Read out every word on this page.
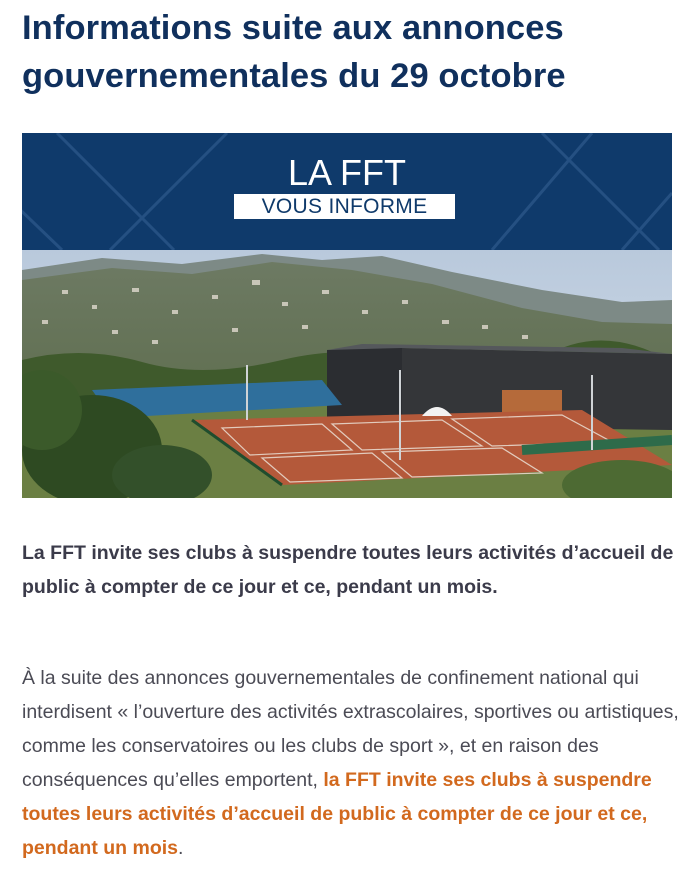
Informations suite aux annonces gouvernementales du 29 octobre
LA FFT
VOUS INFORME

La FFT invite ses clubs à suspendre toutes leurs activités d’accueil de public à compter de ce jour et ce, pendant un mois.

À la suite des annonces gouvernementales de confinement national qui interdisent « l’ouverture des activités extrascolaires, sportives ou artistiques, comme les conservatoires ou les clubs de sport », et en raison des conséquences qu’elles emportent, la FFT invite ses clubs à suspendre toutes leurs activités d’accueil de public à compter de ce jour et ce, pendant un mois.
